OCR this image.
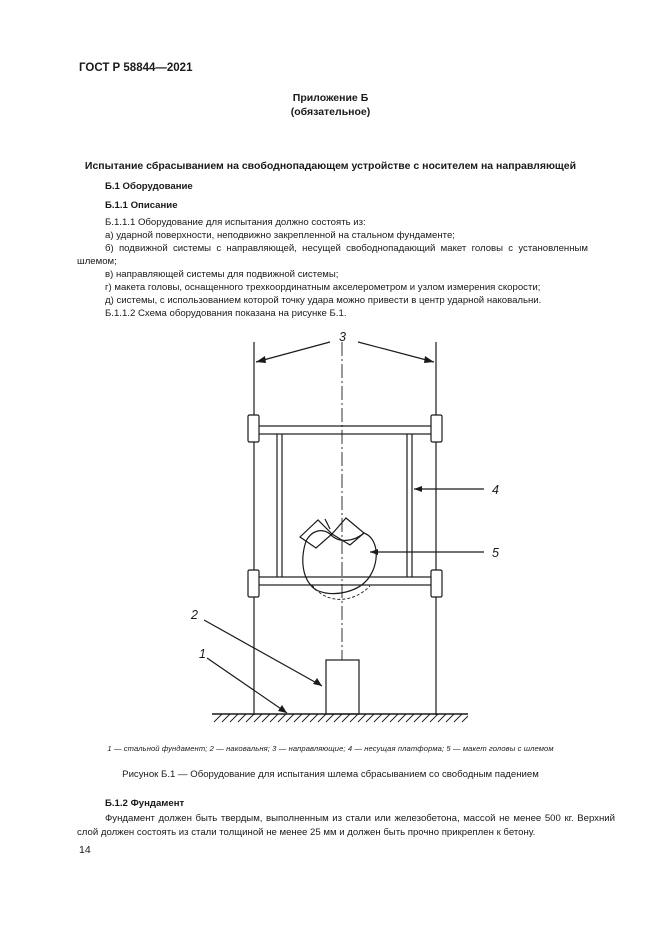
ГОСТ Р 58844—2021
Приложение Б
(обязательное)
Испытание сбрасыванием на свободнопадающем устройстве с носителем на направляющей
Б.1 Оборудование
Б.1.1 Описание
Б.1.1.1 Оборудование для испытания должно состоять из:
а) ударной поверхности, неподвижно закрепленной на стальном фундаменте;
б) подвижной системы с направляющей, несущей свободнопадающий макет головы с установленным
шлемом;
в) направляющей системы для подвижной системы;
г) макета головы, оснащенного трехкоординатным акселерометром и узлом измерения скорости;
д) системы, с использованием которой точку удара можно привести в центр ударной наковальни.
Б.1.1.2 Схема оборудования показана на рисунке Б.1.
3
4
5
2
1
1 — стальной фундамент; 2 — наковальня; 3 — направляющие; 4 — несущая платформа; 5 — макет головы с шлемом
Рисунок Б.1 — Оборудование для испытания шлема сбрасыванием со свободным падением
Б.1.2 Фундамент
Фундамент должен быть твердым, выполненным из стали или железобетона, массой не менее 500 кг. Верхний
слой должен состоять из стали толщиной не менее 25 мм и должен быть прочно прикреплен к бетону.
14
